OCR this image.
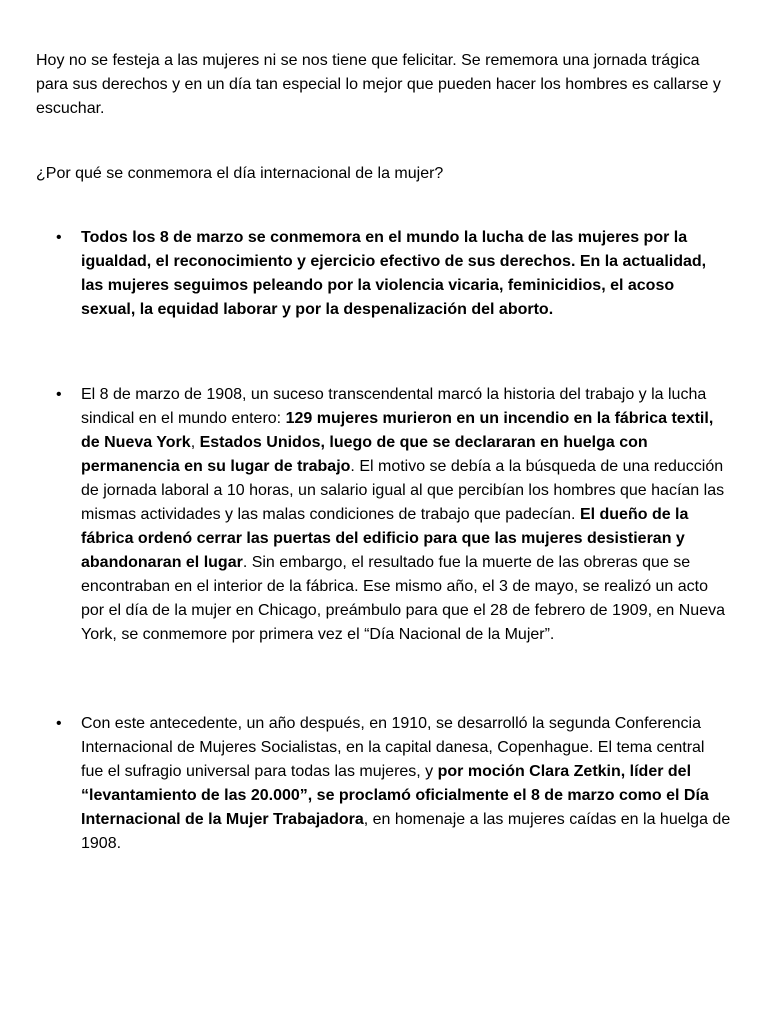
Hoy no se festeja a las mujeres ni se nos tiene que felicitar. Se rememora una jornada trágica para sus derechos y en un día tan especial lo mejor que pueden hacer los hombres es callarse y escuchar.

¿Por qué se conmemora el día internacional de la mujer?

• Todos los 8 de marzo se conmemora en el mundo la lucha de las mujeres por la igualdad, el reconocimiento y ejercicio efectivo de sus derechos. En la actualidad, las mujeres seguimos peleando por la violencia vicaria, feminicidios, el acoso sexual, la equidad laborar y por la despenalización del aborto.

• El 8 de marzo de 1908, un suceso transcendental marcó la historia del trabajo y la lucha sindical en el mundo entero: 129 mujeres murieron en un incendio en la fábrica textil, de Nueva York, Estados Unidos, luego de que se declararan en huelga con permanencia en su lugar de trabajo. El motivo se debía a la búsqueda de una reducción de jornada laboral a 10 horas, un salario igual al que percibían los hombres que hacían las mismas actividades y las malas condiciones de trabajo que padecían. El dueño de la fábrica ordenó cerrar las puertas del edificio para que las mujeres desistieran y abandonaran el lugar. Sin embargo, el resultado fue la muerte de las obreras que se encontraban en el interior de la fábrica. Ese mismo año, el 3 de mayo, se realizó un acto por el día de la mujer en Chicago, preámbulo para que el 28 de febrero de 1909, en Nueva York, se conmemore por primera vez el “Día Nacional de la Mujer”.

• Con este antecedente, un año después, en 1910, se desarrolló la segunda Conferencia Internacional de Mujeres Socialistas, en la capital danesa, Copenhague. El tema central fue el sufragio universal para todas las mujeres, y por moción Clara Zetkin, líder del “levantamiento de las 20.000”, se proclamó oficialmente el 8 de marzo como el Día Internacional de la Mujer Trabajadora, en homenaje a las mujeres caídas en la huelga de 1908.
